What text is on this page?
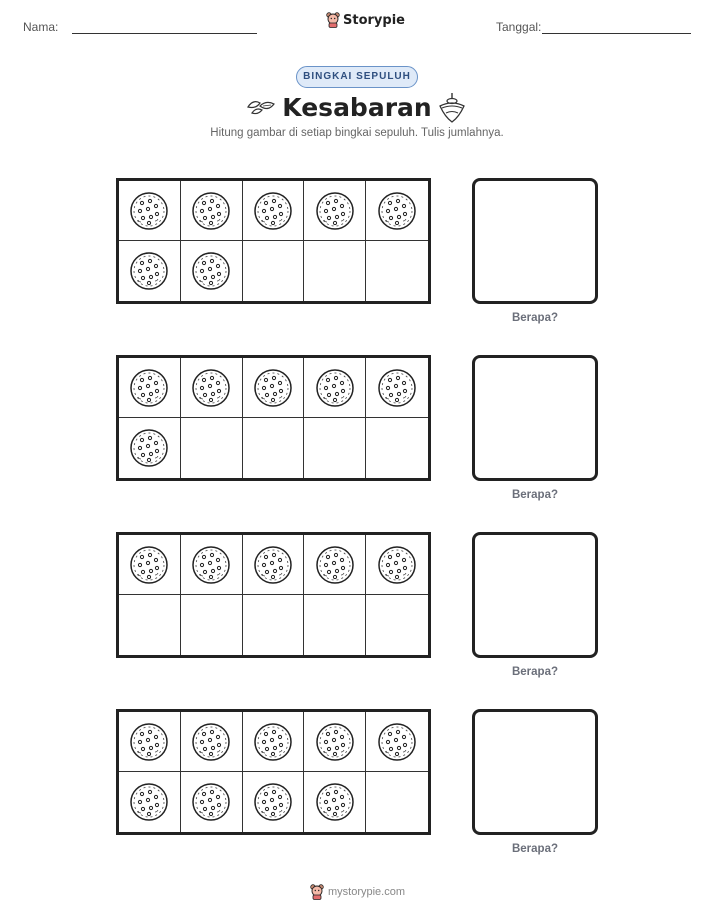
Nama:	Storypie	Tanggal:
BINGKAI SEPULUH
Kesabaran
Hitung gambar di setiap bingkai sepuluh. Tulis jumlahnya.
Berapa?
Berapa?
Berapa?
Berapa?
mystorypie.com
